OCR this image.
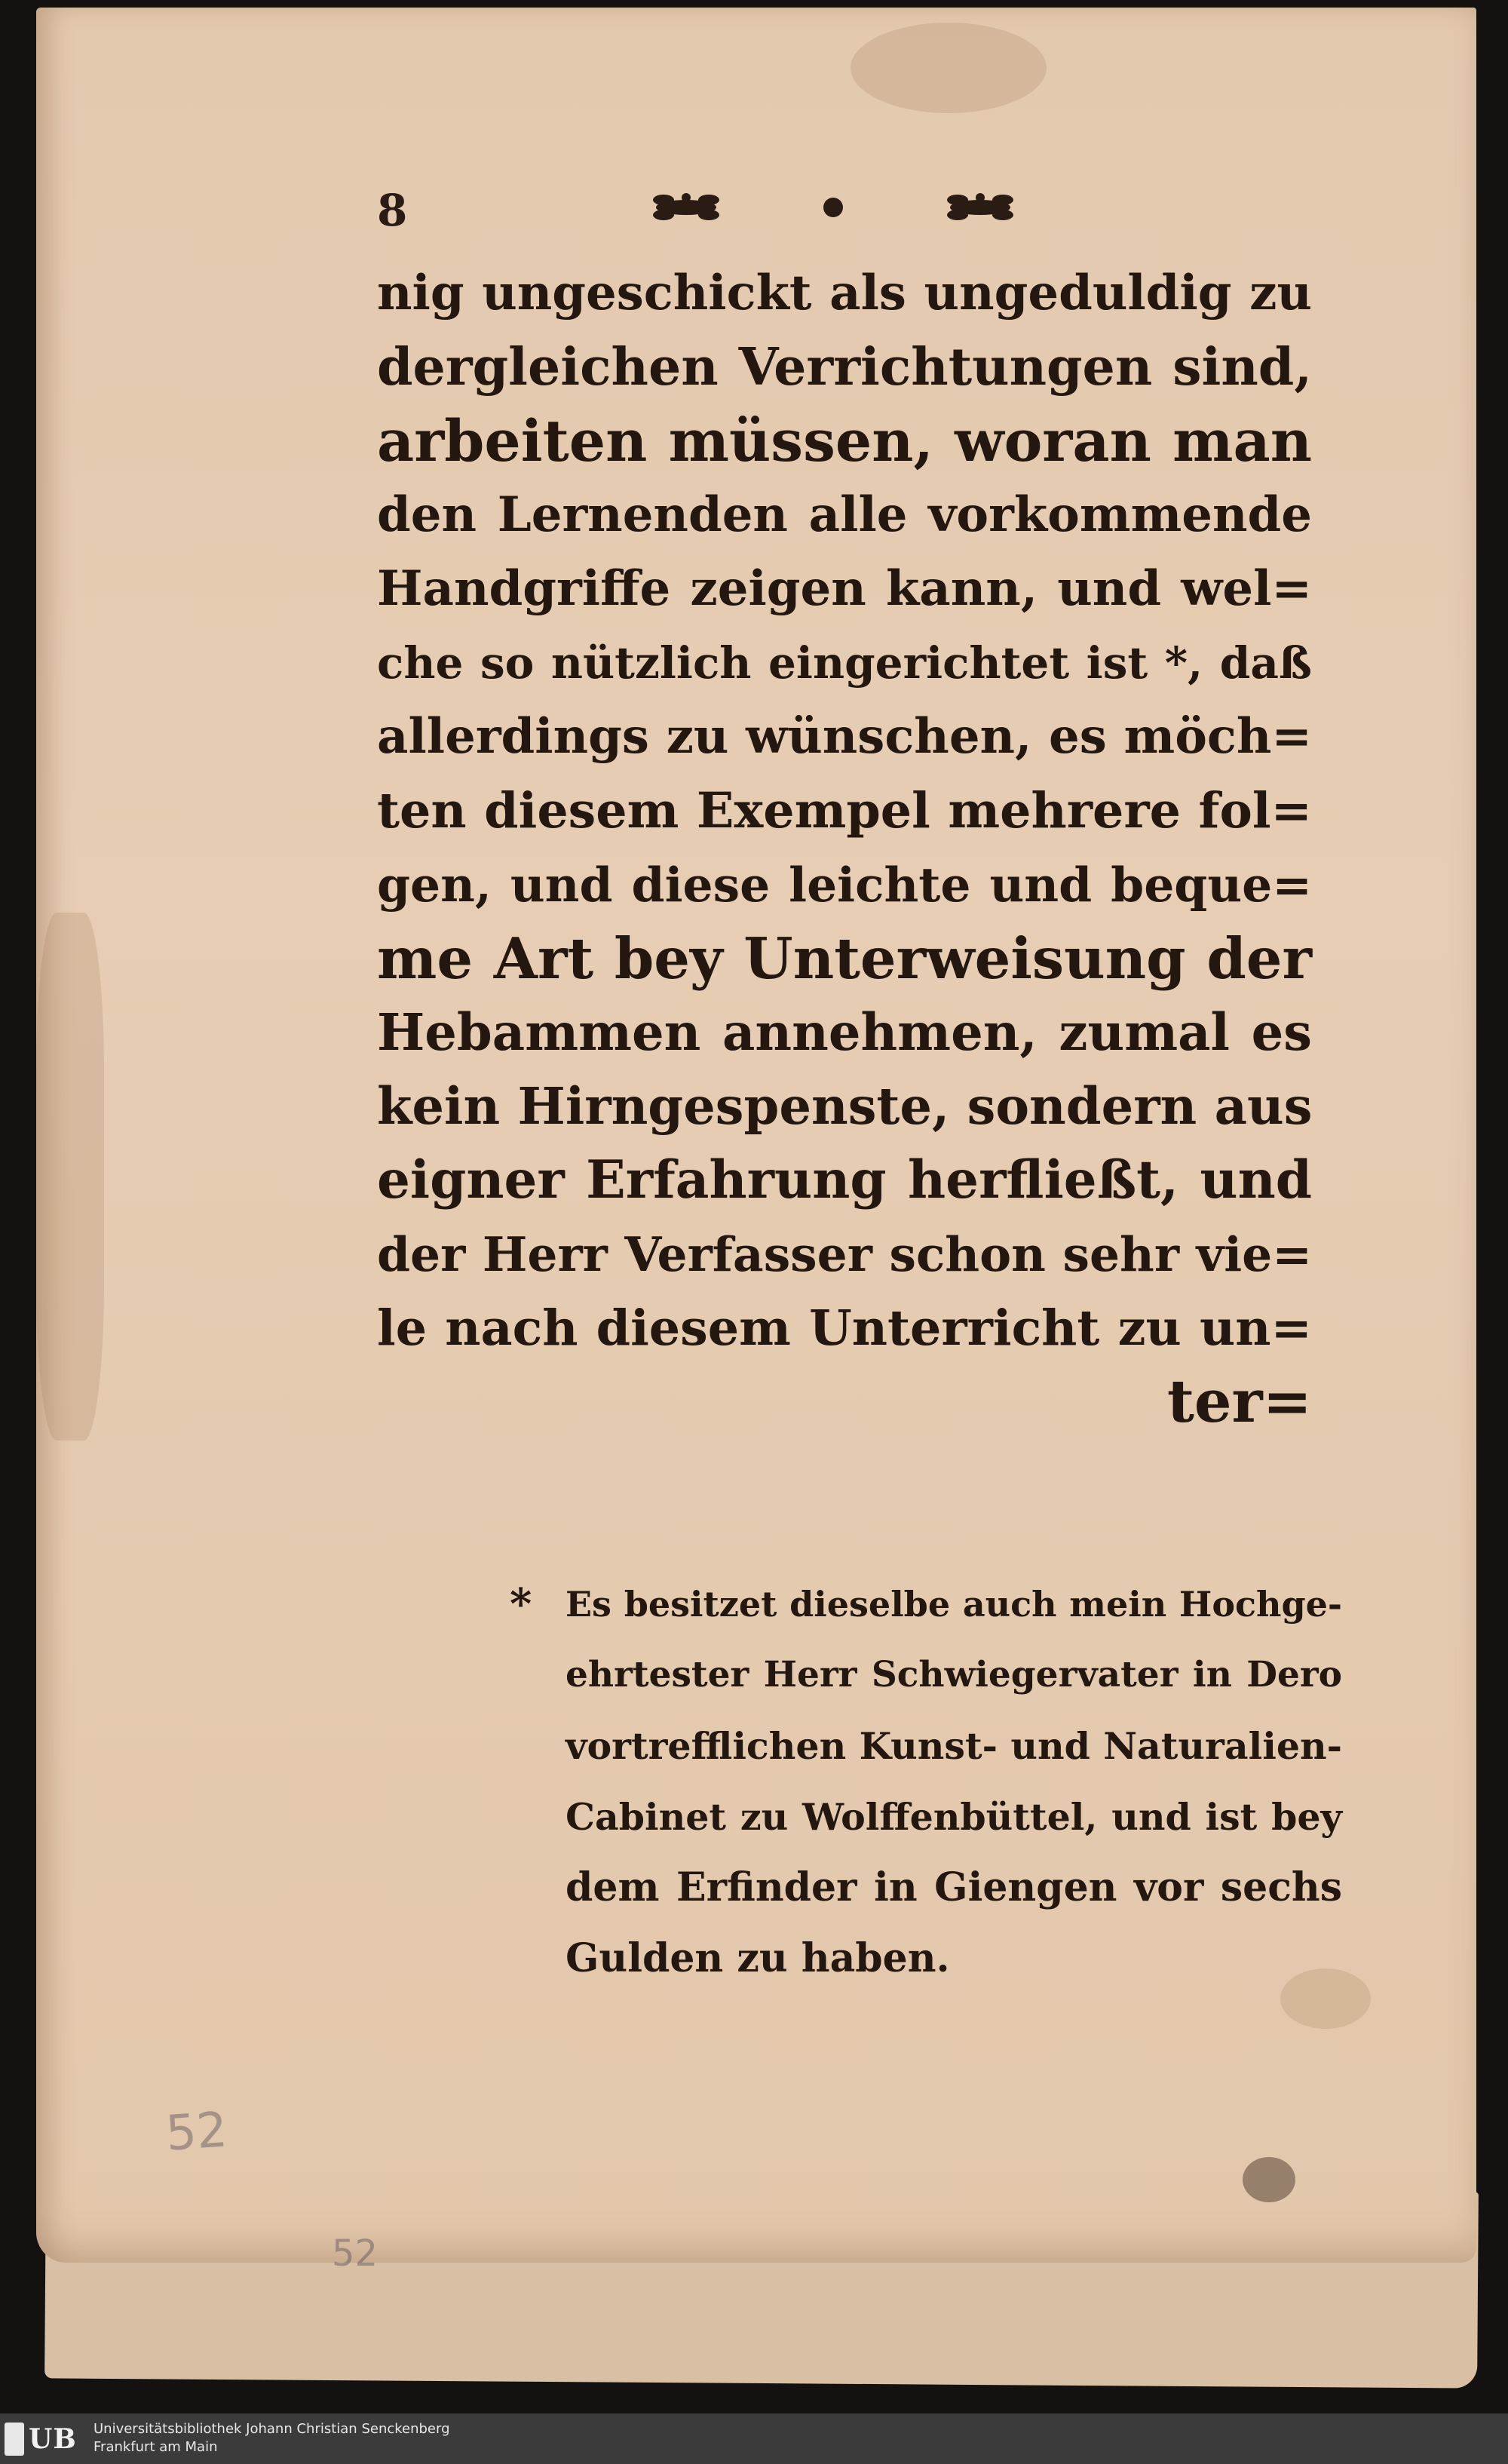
8
nig ungeschickt als ungeduldig zu
dergleichen Verrichtungen sind,
arbeiten müssen, woran man
den Lernenden alle vorkommende
Handgriffe zeigen kann, und wel=
che so nützlich eingerichtet ist *, daß
allerdings zu wünschen, es möch=
ten diesem Exempel mehrere fol=
gen, und diese leichte und beque=
me Art bey Unterweisung der
Hebammen annehmen, zumal es
kein Hirngespenste, sondern aus
eigner Erfahrung herfließt, und
der Herr Verfasser schon sehr vie=
le nach diesem Unterricht zu un=
ter=
* Es besitzet dieselbe auch mein Hochge-
ehrtester Herr Schwiegervater in Dero
vortrefflichen Kunst- und Naturalien-
Cabinet zu Wolffenbüttel, und ist bey
dem Erfinder in Giengen vor sechs
Gulden zu haben.
52
52
UB Universitätsbibliothek Johann Christian Senckenberg
Frankfurt am Main
